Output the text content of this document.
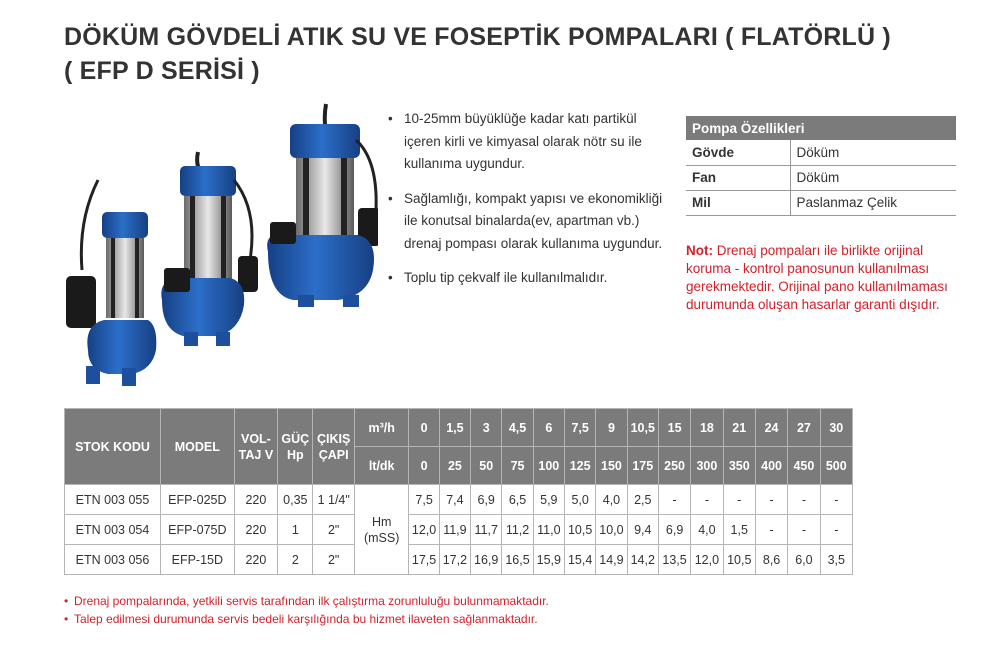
DÖKÜM GÖVDELİ ATIK SU VE FOSEPTİK POMPALARI ( FLATÖRLÜ )
( EFP D SERİSİ )
• 10-25mm büyüklüğe kadar katı partikül içeren kirli ve kimyasal olarak nötr su ile kullanıma uygundur.
• Sağlamlığı, kompakt yapısı ve ekonomikliği ile konutsal binalarda(ev, apartman vb.) drenaj pompası olarak kullanıma uygundur.
• Toplu tip çekvalf ile kullanılmalıdır.
Pompa Özellikleri	
Gövde	Döküm
Fan	Döküm
Mil	Paslanmaz Çelik
Not: Drenaj pompaları ile birlikte orijinal koruma - kontrol panosunun kullanılması gerekmektedir. Orijinal pano kullanılmaması durumunda oluşan hasarlar garanti dışıdır.
STOK KODU	MODEL	VOL-TAJ V	GÜÇ Hp	ÇIKIŞ ÇAPI	m³/h	0	1,5	3	4,5	6	7,5	9	10,5	15	18	21	24	27	30
					lt/dk	0	25	50	75	100	125	150	175	250	300	350	400	450	500
ETN 003 055	EFP-025D	220	0,35	1 1/4"	Hm (mSS)	7,5	7,4	6,9	6,5	5,9	5,0	4,0	2,5	-	-	-	-	-	-
ETN 003 054	EFP-075D	220	1	2"		12,0	11,9	11,7	11,2	11,0	10,5	10,0	9,4	6,9	4,0	1,5	-	-	-
ETN 003 056	EFP-15D	220	2	2"		17,5	17,2	16,9	16,5	15,9	15,4	14,9	14,2	13,5	12,0	10,5	8,6	6,0	3,5
• Drenaj pompalarında, yetkili servis tarafından ilk çalıştırma zorunluluğu bulunmamaktadır.
• Talep edilmesi durumunda servis bedeli karşılığında bu hizmet ilaveten sağlanmaktadır.
